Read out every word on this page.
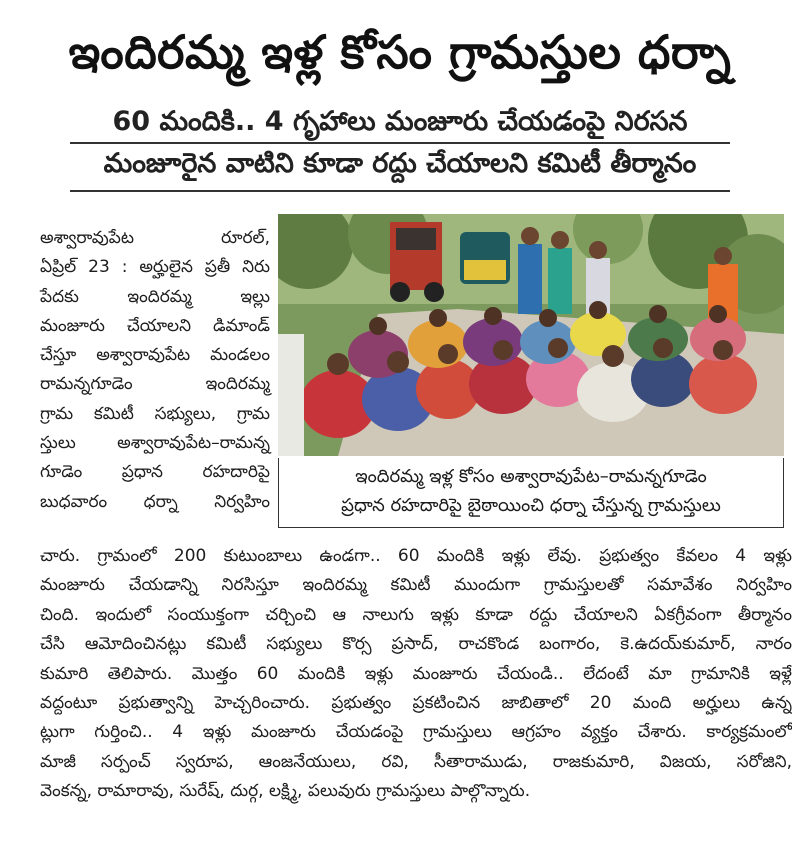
ఇందిరమ్మ ఇళ్ల కోసం గ్రామస్తుల ధర్నా
60 మందికి.. 4 గృహాలు మంజూరు చేయడంపై నిరసన
మంజూరైన వాటిని కూడా రద్దు చేయాలని కమిటీ తీర్మానం
అశ్వారావుపేట రూరల్,
ఏప్రిల్ 23 : అర్హులైన ప్రతీ నిరు
పేదకు ఇందిరమ్మ ఇల్లు
మంజూరు చేయాలని డిమాండ్
చేస్తూ అశ్వారావుపేట మండలం
రామన్నగూడెం ఇందిరమ్మ
గ్రామ కమిటీ సభ్యులు, గ్రామ
స్తులు అశ్వారావుపేట–రామన్న
గూడెం ప్రధాన రహదారిపై
బుధవారం ధర్నా నిర్వహిం
ఇందిరమ్మ ఇళ్ల కోసం అశ్వారావుపేట–రామన్నగూడెం
ప్రధాన రహదారిపై బైఠాయించి ధర్నా చేస్తున్న గ్రామస్తులు
చారు. గ్రామంలో 200 కుటుంబాలు ఉండగా.. 60 మందికి ఇళ్లు లేవు. ప్రభుత్వం కేవలం 4 ఇళ్లు
మంజూరు చేయడాన్ని నిరసిస్తూ ఇందిరమ్మ కమిటీ ముందుగా గ్రామస్తులతో సమావేశం నిర్వహిం
చింది. ఇందులో సంయుక్తంగా చర్చించి ఆ నాలుగు ఇళ్లు కూడా రద్దు చేయాలని ఏకగ్రీవంగా తీర్మానం
చేసి ఆమోదించినట్లు కమిటీ సభ్యులు కొర్స ప్రసాద్, రాచకొండ బంగారం, కె.ఉదయ్‌కుమార్, నారం
కుమారి తెలిపారు. మొత్తం 60 మందికి ఇళ్లు మంజూరు చేయండి.. లేదంటే మా గ్రామానికి ఇళ్లే
వద్దంటూ ప్రభుత్వాన్ని హెచ్చరించారు. ప్రభుత్వం ప్రకటించిన జాబితాలో 20 మంది అర్హులు ఉన్న
ట్లుగా గుర్తించి.. 4 ఇళ్లు మంజూరు చేయడంపై గ్రామస్తులు ఆగ్రహం వ్యక్తం చేశారు. కార్యక్రమంలో
మాజీ సర్పంచ్ స్వరూప, ఆంజనేయులు, రవి, సీతారాముడు, రాజకుమారి, విజయ, సరోజిని,
వెంకన్న, రామారావు, సురేష్, దుర్గ, లక్ష్మి, పలువురు గ్రామస్తులు పాల్గొన్నారు.
